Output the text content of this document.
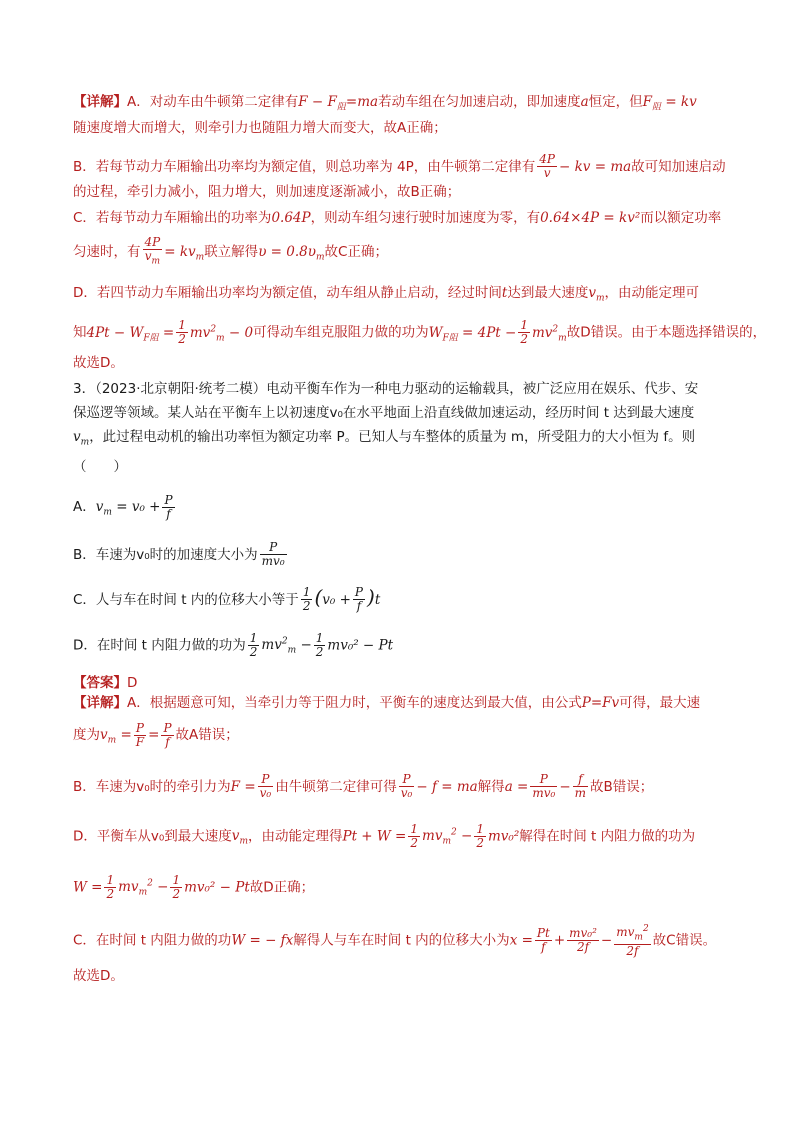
【详解】A．对动车由牛顿第二定律有$F - F_阻=ma$若动车组在匀加速启动，即加速度a恒定，但$F_阻$ = kv
随速度增大而增大，则牵引力也随阻力增大而变大，故A正确；
B．若每节动力车厢输出功率均为额定值，则总功率为 4P，由牛顿第二定律有 $\frac{4P}{v}$ − kv = ma故可知加速启动
的过程，牵引力减小，阻力增大，则加速度逐渐减小，故B正确；
C．若每节动力车厢输出的功率为0.64P，则动车组匀速行驶时加速度为零，有0.64×4P = kv²而以额定功率
匀速时，有 $\frac{4P}{v_m} = kv_m$联立解得$\upsilon = 0.8\upsilon_m$故C正确；
D．若四节动力车厢输出功率均为额定值，动车组从静止启动，经过时间t达到最大速度$v_m$，由动能定理可
知$4Pt - W_{F阻} = \frac{1}{2} mv^2_m - 0$可得动车组克服阻力做的功为$W_{F阻} = 4Pt - \frac{1}{2} mv^2_m$故D错误。由于本题选择错误的，
故选D。
3．（2023·北京朝阳·统考二模）电动平衡车作为一种电力驱动的运输载具，被广泛应用在娱乐、代步、安
保巡逻等领域。某人站在平衡车上以初速度v₀在水平地面上沿直线做加速运动，经历时间 t 达到最大速度
$v_m$，此过程电动机的输出功率恒为额定功率 P。已知人与车整体的质量为 m，所受阻力的大小恒为 f。则
（　　）
A．$v_m = v_0 + \frac{P}{f}$
B．车速为v₀时的加速度大小为 $\frac{P}{\text{mv₀}}$
C．人与车在时间 t 内的位移大小等于 $\frac{1}{2} (v_0 + \frac{P}{f} )t$
D．在时间 t 内阻力做的功为 $\frac{1}{2} mv^2_m - \frac{1}{2} mv_0^2 - Pt$
【答案】D
【详解】A．根据题意可知，当牵引力等于阻力时，平衡车的速度达到最大值，由公式P=Fv可得，最大速
度为$v_m = \frac{P}{F} = \frac{P}{f}$ 故A错误；
B．车速为v₀时的牵引力为$F = \frac{P}{\text{v₀}}$ 由牛顿第二定律可得 $\frac{P}{\text{v₀}} - f$ = ma解得$a = \frac{P}{\text{mv₀}} - \frac{f}{m}$ 故B错误；
D．平衡车从v₀到最大速度$v_m$，由动能定理得$Pt + W = \frac{1}{2} mv_m^2 - \frac{1}{2} mv_0^2$解得在时间 t 内阻力做的功为
$W = \frac{1}{2} mv_m^2 - \frac{1}{2} mv_0^2 - Pt$故D正确；
C．在时间 t 内阻力做的功W = − fx解得人与车在时间 t 内的位移大小为$x = \frac{Pt}{f} + \frac{\text{mv₀²}}{2f} - \frac{mv_m^2}{2f}$ 故C错误。
故选D。
